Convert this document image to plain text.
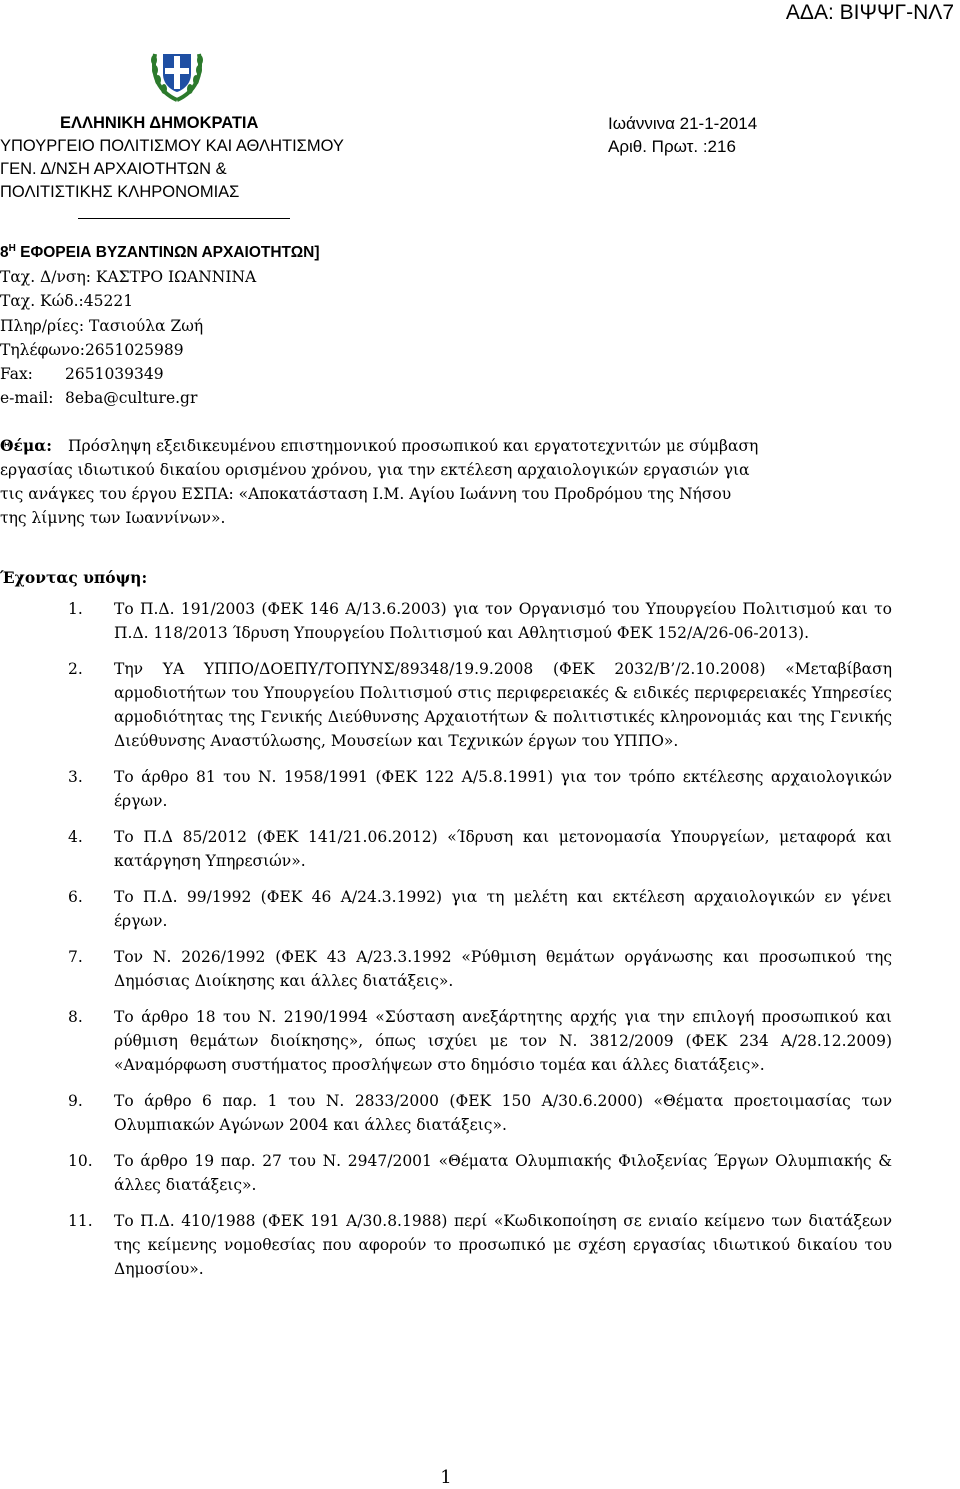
ΑΔΑ: ΒΙΨΨΓ-ΝΛ7
ΕΛΛΗΝΙΚΗ ΔΗΜΟΚΡΑΤΙΑ
ΥΠΟΥΡΓΕΙΟ ΠΟΛΙΤΙΣΜΟΥ ΚΑΙ ΑΘΛΗΤΙΣΜΟΥ
ΓΕΝ. Δ/ΝΣΗ ΑΡΧΑΙΟΤΗΤΩΝ &
ΠΟΛΙΤΙΣΤΙΚΗΣ ΚΛΗΡΟΝΟΜΙΑΣ
Ιωάννινα 21-1-2014
Αριθ. Πρωτ. :216
$8^H$ ΕΦΟΡΕΙΑ ΒΥΖΑΝΤΙΝΩΝ ΑΡΧΑΙΟΤΗΤΩΝ]
Ταχ. Δ/νση: ΚΑΣΤΡΟ ΙΩΑΝΝΙΝΑ
Ταχ. Κώδ.:45221
Πληρ/ρίες: Τασιούλα Ζωή
Τηλέφωνο:2651025989
Fax: 2651039349
e-mail: 8eba@culture.gr
Θέμα:	Πρόσληψη εξειδικευμένου επιστημονικού προσωπικού και εργατοτεχνιτών με σύμβαση
εργασίας ιδιωτικού δικαίου ορισμένου χρόνου, για την εκτέλεση αρχαιολογικών εργασιών για
τις ανάγκες του έργου ΕΣΠΑ: «Αποκατάσταση Ι.Μ. Αγίου Ιωάννη του Προδρόμου της Νήσου
της λίμνης των Ιωαννίνων».
Έχοντας υπόψη:
1. Το Π.Δ. 191/2003 (ΦΕΚ 146 Α/13.6.2003) για τον Οργανισμό του Υπουργείου Πολιτισμού και το Π.Δ. 118/2013 Ίδρυση Υπουργείου Πολιτισμού και Αθλητισμού ΦΕΚ 152/Α/26-06-2013).
2. Την ΥΑ ΥΠΠΟ/ΔΟΕΠΥ/ΤΟΠΥΝΣ/89348/19.9.2008 (ΦΕΚ 2032/Β’/2.10.2008) «Μεταβίβαση αρμοδιοτήτων του Υπουργείου Πολιτισμού στις περιφερειακές & ειδικές περιφερειακές Υπηρεσίες αρμοδιότητας της Γενικής Διεύθυνσης Αρχαιοτήτων & πολιτιστικές κληρονομιάς και της Γενικής Διεύθυνσης Αναστύλωσης, Μουσείων και Τεχνικών έργων του ΥΠΠΟ».
3. Το άρθρο 81 του Ν. 1958/1991 (ΦΕΚ 122 Α/5.8.1991) για τον τρόπο εκτέλεσης αρχαιολογικών έργων.
4. Το Π.Δ 85/2012 (ΦΕΚ 141/21.06.2012) «Ίδρυση και μετονομασία Υπουργείων, μεταφορά και κατάργηση Υπηρεσιών».
6. Το Π.Δ. 99/1992 (ΦΕΚ 46 Α/24.3.1992) για τη μελέτη και εκτέλεση αρχαιολογικών εν γένει έργων.
7. Τον Ν. 2026/1992 (ΦΕΚ 43 Α/23.3.1992 «Ρύθμιση θεμάτων οργάνωσης και προσωπικού της Δημόσιας Διοίκησης και άλλες διατάξεις».
8. Το άρθρο 18 του Ν. 2190/1994 «Σύσταση ανεξάρτητης αρχής για την επιλογή προσωπικού και ρύθμιση θεμάτων διοίκησης», όπως ισχύει με τον Ν. 3812/2009 (ΦΕΚ 234 Α/28.12.2009) «Αναμόρφωση συστήματος προσλήψεων στο δημόσιο τομέα και άλλες διατάξεις».
9. Το άρθρο 6 παρ. 1 του Ν. 2833/2000 (ΦΕΚ 150 Α/30.6.2000) «Θέματα προετοιμασίας των Ολυμπιακών Αγώνων 2004 και άλλες διατάξεις».
10. Το άρθρο 19 παρ. 27 του Ν. 2947/2001 «Θέματα Ολυμπιακής Φιλοξενίας Έργων Ολυμπιακής & άλλες διατάξεις».
11. Το Π.Δ. 410/1988 (ΦΕΚ 191 Α/30.8.1988) περί «Κωδικοποίηση σε ενιαίο κείμενο των διατάξεων της κείμενης νομοθεσίας που αφορούν το προσωπικό με σχέση εργασίας ιδιωτικού δικαίου του Δημοσίου».
1
